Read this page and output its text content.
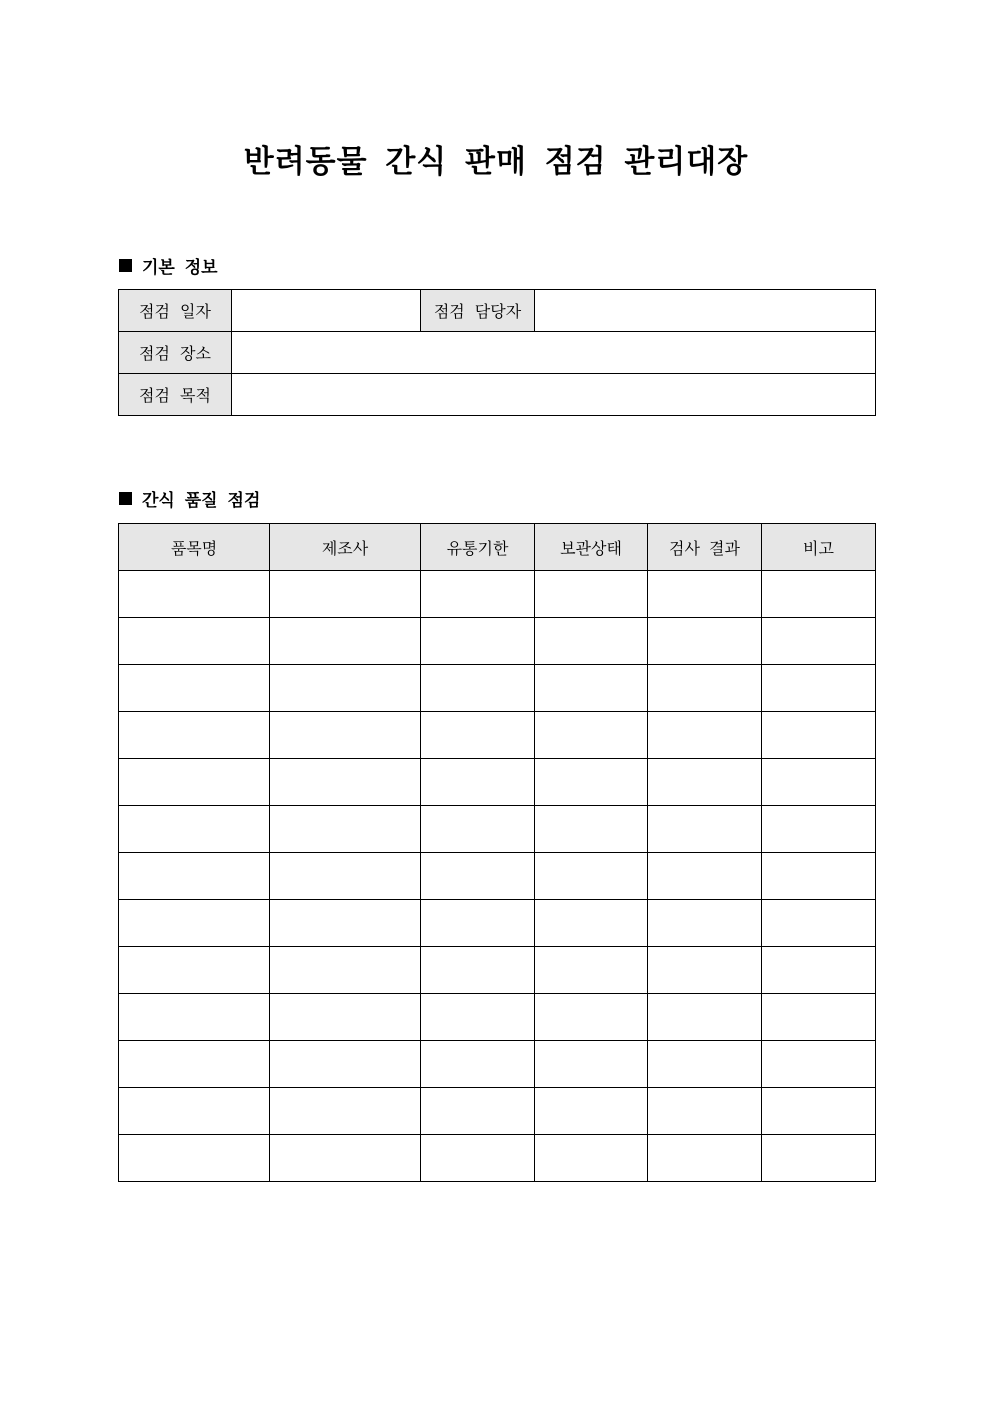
반려동물 간식 판매 점검 관리대장
기본 정보
점검 일자		점검 담당자	
점검 장소			
점검 목적			
간식 품질 점검
품목명	제조사	유통기한	보관상태	검사 결과	비고
